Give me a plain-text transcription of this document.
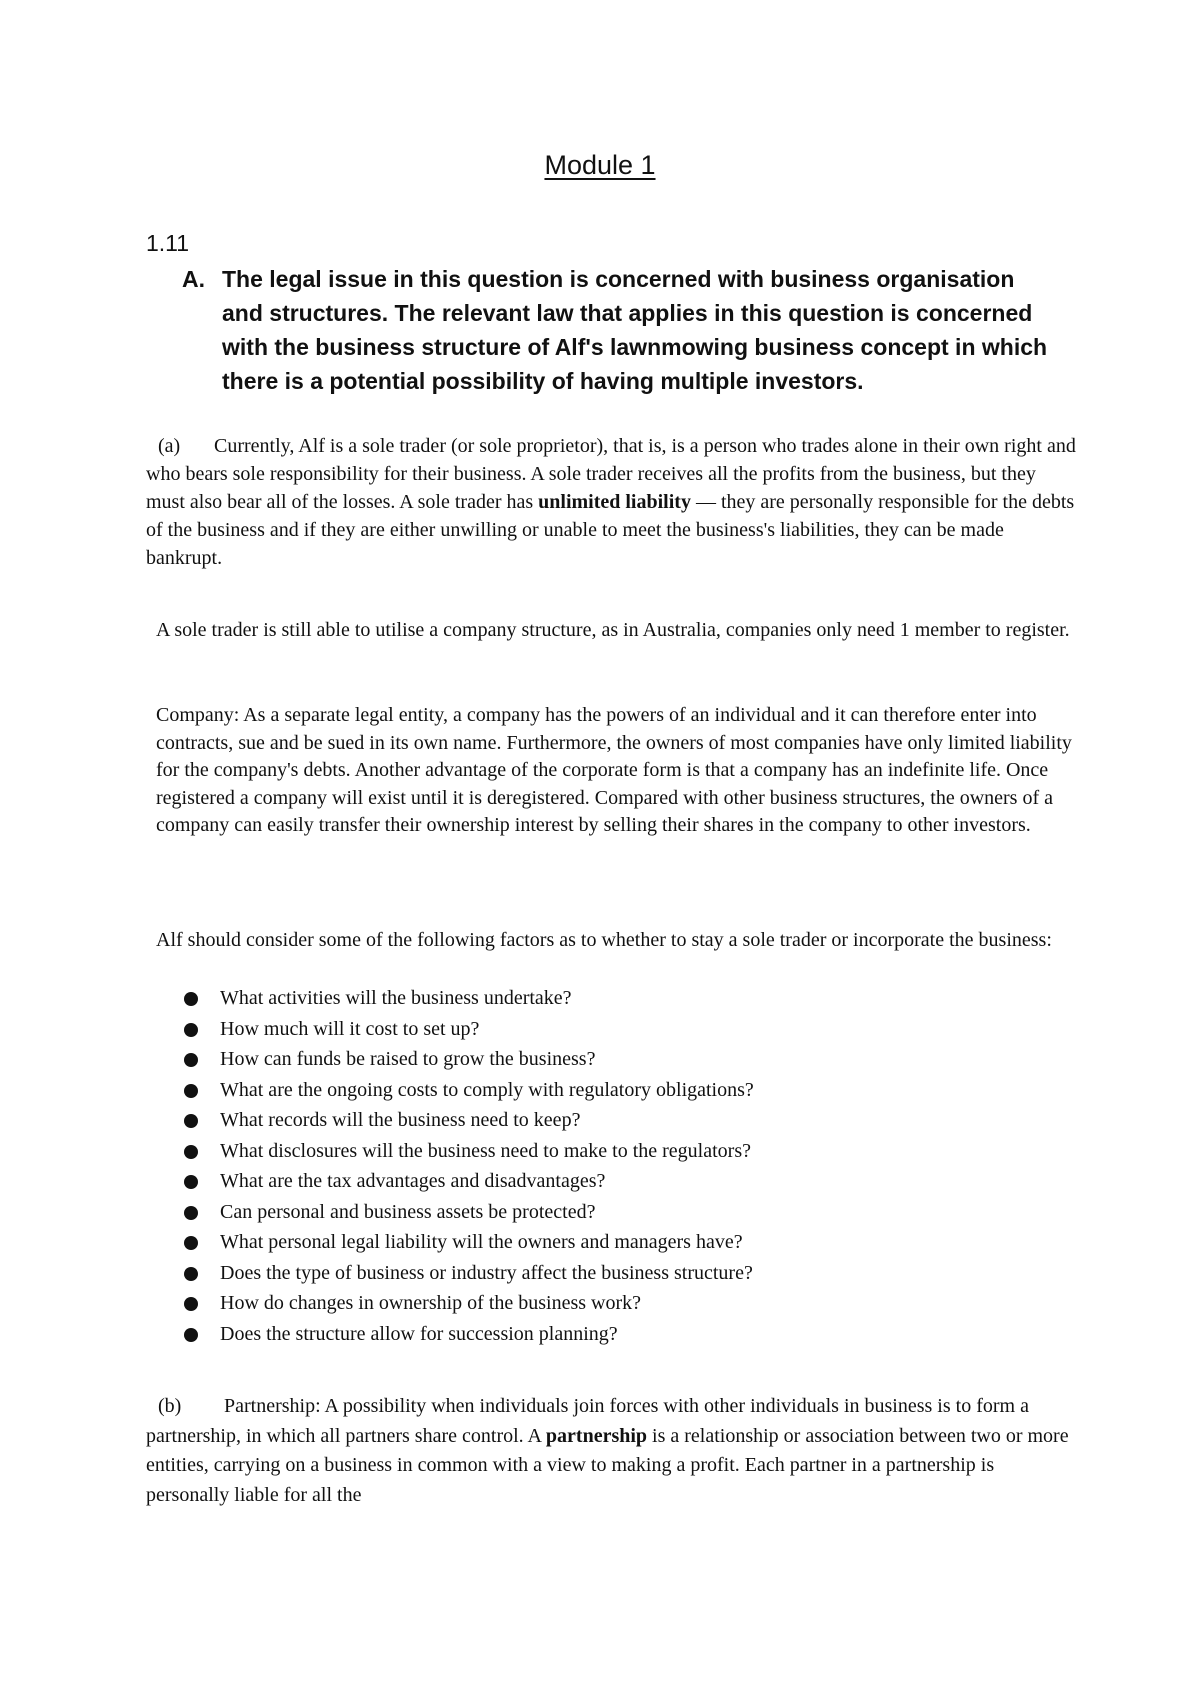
Module 1
1.11
A. The legal issue in this question is concerned with business organisation and structures. The relevant law that applies in this question is concerned with the business structure of Alf's lawnmowing business concept in which there is a potential possibility of having multiple investors.
(a) Currently, Alf is a sole trader (or sole proprietor), that is, is a person who trades alone in their own right and who bears sole responsibility for their business. A sole trader receives all the profits from the business, but they must also bear all of the losses. A sole trader has unlimited liability — they are personally responsible for the debts of the business and if they are either unwilling or unable to meet the business's liabilities, they can be made bankrupt.
A sole trader is still able to utilise a company structure, as in Australia, companies only need 1 member to register.
Company: As a separate legal entity, a company has the powers of an individual and it can therefore enter into contracts, sue and be sued in its own name. Furthermore, the owners of most companies have only limited liability for the company's debts. Another advantage of the corporate form is that a company has an indefinite life. Once registered a company will exist until it is deregistered. Compared with other business structures, the owners of a company can easily transfer their ownership interest by selling their shares in the company to other investors.
Alf should consider some of the following factors as to whether to stay a sole trader or incorporate the business:
What activities will the business undertake?
How much will it cost to set up?
How can funds be raised to grow the business?
What are the ongoing costs to comply with regulatory obligations?
What records will the business need to keep?
What disclosures will the business need to make to the regulators?
What are the tax advantages and disadvantages?
Can personal and business assets be protected?
What personal legal liability will the owners and managers have?
Does the type of business or industry affect the business structure?
How do changes in ownership of the business work?
Does the structure allow for succession planning?
(b) Partnership: A possibility when individuals join forces with other individuals in business is to form a partnership, in which all partners share control. A partnership is a relationship or association between two or more entities, carrying on a business in common with a view to making a profit. Each partner in a partnership is personally liable for all the
